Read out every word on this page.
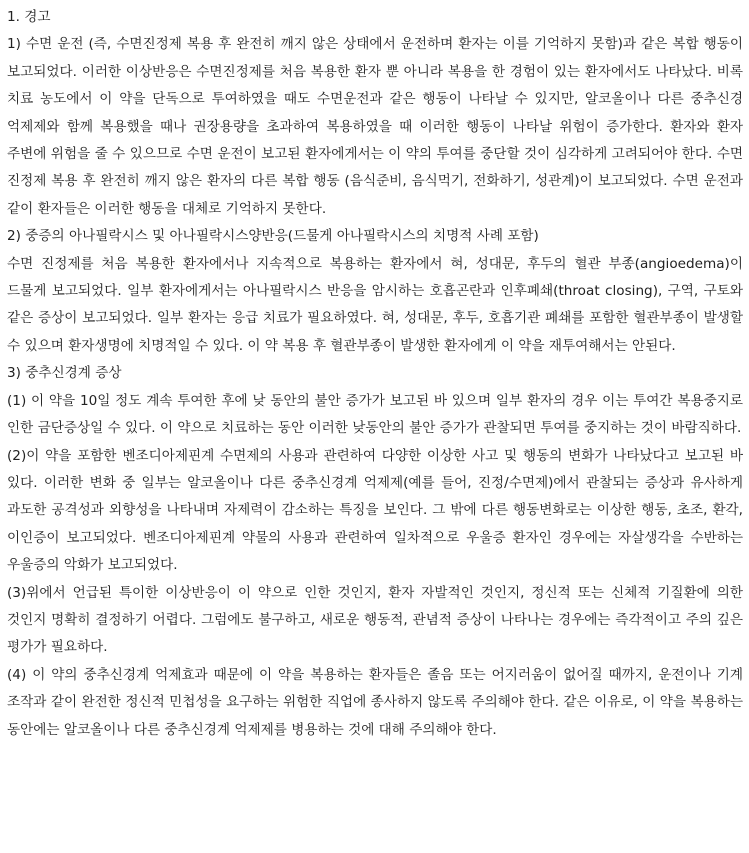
1. 경고

1) 수면 운전 (즉, 수면진정제 복용 후 완전히 깨지 않은 상태에서 운전하며 환자는 이를 기억하지 못함)과 같은 복합 행동이 보고되었다. 이러한 이상반응은 수면진정제를 처음 복용한 환자 뿐 아니라 복용을 한 경험이 있는 환자에서도 나타났다. 비록 치료 농도에서 이 약을 단독으로 투여하였을 때도 수면운전과 같은 행동이 나타날 수 있지만, 알코올이나 다른 중추신경 억제제와 함께 복용했을 때나 권장용량을 초과하여 복용하였을 때 이러한 행동이 나타날 위험이 증가한다. 환자와 환자 주변에 위험을 줄 수 있으므로 수면 운전이 보고된 환자에게서는 이 약의 투여를 중단할 것이 심각하게 고려되어야 한다. 수면 진정제 복용 후 완전히 깨지 않은 환자의 다른 복합 행동 (음식준비, 음식먹기, 전화하기, 성관계)이 보고되었다. 수면 운전과 같이 환자들은 이러한 행동을 대체로 기억하지 못한다.

2) 중증의 아나필락시스 및 아나필락시스양반응(드물게 아나필락시스의 치명적 사례 포함)

수면 진정제를 처음 복용한 환자에서나 지속적으로 복용하는 환자에서 혀, 성대문, 후두의 혈관 부종(angioedema)이 드물게 보고되었다. 일부 환자에게서는 아나필락시스 반응을 암시하는 호흡곤란과 인후폐쇄(throat closing), 구역, 구토와 같은 증상이 보고되었다. 일부 환자는 응급 치료가 필요하였다. 혀, 성대문, 후두, 호흡기관 폐쇄를 포함한 혈관부종이 발생할 수 있으며 환자생명에 치명적일 수 있다. 이 약 복용 후 혈관부종이 발생한 환자에게 이 약을 재투여해서는 안된다.

3) 중추신경계 증상

(1) 이 약을 10일 정도 계속 투여한 후에 낮 동안의 불안 증가가 보고된 바 있으며 일부 환자의 경우 이는 투여간 복용중지로 인한 금단증상일 수 있다. 이 약으로 치료하는 동안 이러한 낮동안의 불안 증가가 관찰되면 투여를 중지하는 것이 바람직하다.

(2)이 약을 포함한 벤조디아제핀계 수면제의 사용과 관련하여 다양한 이상한 사고 및 행동의 변화가 나타났다고 보고된 바 있다. 이러한 변화 중 일부는 알코올이나 다른 중추신경계 억제제(예를 들어, 진정/수면제)에서 관찰되는 증상과 유사하게 과도한 공격성과 외향성을 나타내며 자제력이 감소하는 특징을 보인다. 그 밖에 다른 행동변화로는 이상한 행동, 초조, 환각, 이인증이 보고되었다. 벤조디아제핀계 약물의 사용과 관련하여 일차적으로 우울증 환자인 경우에는 자살생각을 수반하는 우울증의 악화가 보고되었다.

(3)위에서 언급된 특이한 이상반응이 이 약으로 인한 것인지, 환자 자발적인 것인지, 정신적 또는 신체적 기질환에 의한 것인지 명확히 결정하기 어렵다. 그럼에도 불구하고, 새로운 행동적, 관념적 증상이 나타나는 경우에는 즉각적이고 주의 깊은 평가가 필요하다.

(4) 이 약의 중추신경계 억제효과 때문에 이 약을 복용하는 환자들은 졸음 또는 어지러움이 없어질 때까지, 운전이나 기계 조작과 같이 완전한 정신적 민첩성을 요구하는 위험한 직업에 종사하지 않도록 주의해야 한다. 같은 이유로, 이 약을 복용하는 동안에는 알코올이나 다른 중추신경계 억제제를 병용하는 것에 대해 주의해야 한다.
